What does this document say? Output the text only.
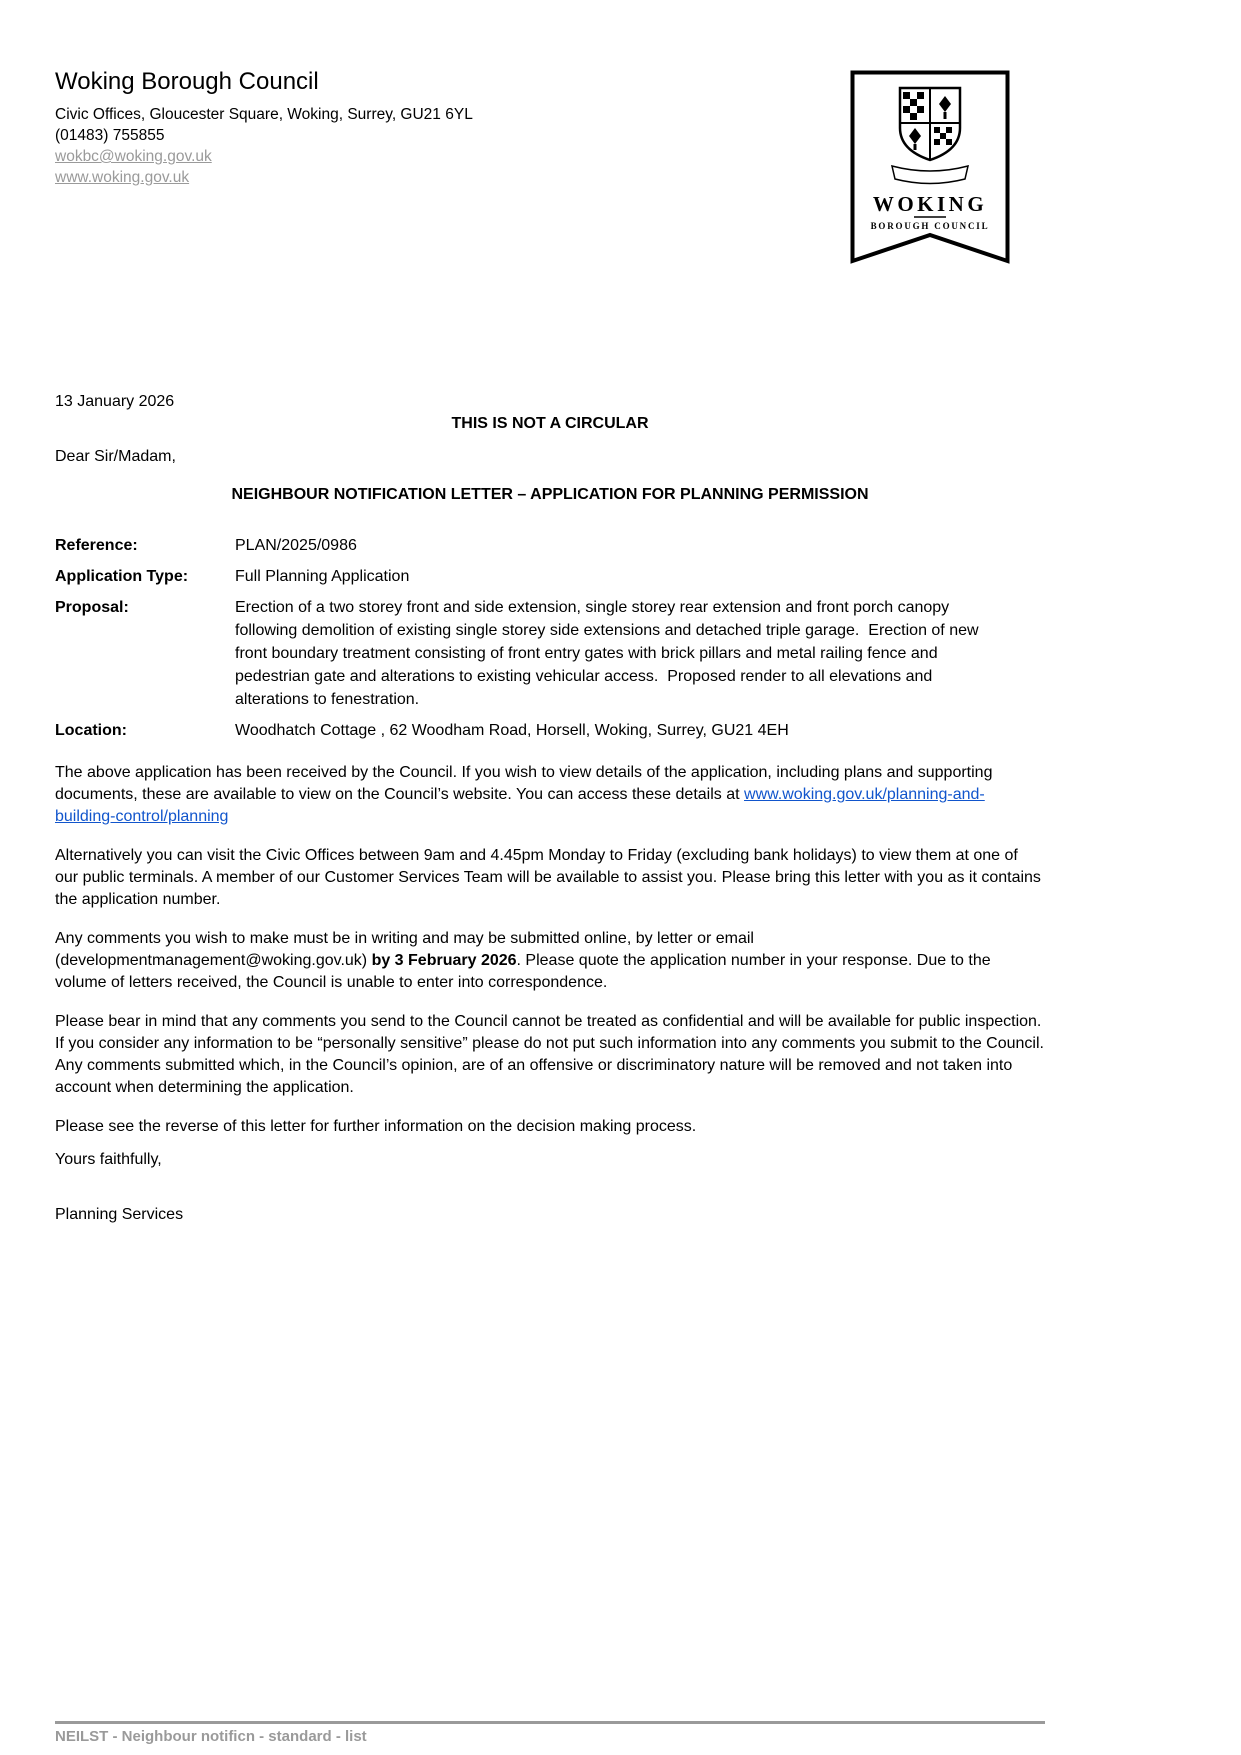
Woking Borough Council
Civic Offices, Gloucester Square, Woking, Surrey, GU21 6YL
(01483) 755855
wokbc@woking.gov.uk
www.woking.gov.uk
13 January 2026
THIS IS NOT A CIRCULAR
Dear Sir/Madam,
NEIGHBOUR NOTIFICATION LETTER – APPLICATION FOR PLANNING PERMISSION
Reference:	PLAN/2025/0986
Application Type:	Full Planning Application
Proposal:	Erection of a two storey front and side extension, single storey rear extension and front porch canopy following demolition of existing single storey side extensions and detached triple garage.  Erection of new front boundary treatment consisting of front entry gates with brick pillars and metal railing fence and pedestrian gate and alterations to existing vehicular access.  Proposed render to all elevations and alterations to fenestration.
Location:	Woodhatch Cottage , 62 Woodham Road, Horsell, Woking, Surrey, GU21 4EH

The above application has been received by the Council. If you wish to view details of the application, including plans and supporting documents, these are available to view on the Council’s website. You can access these details at www.woking.gov.uk/planning-and-building-control/planning

Alternatively you can visit the Civic Offices between 9am and 4.45pm Monday to Friday (excluding bank holidays) to view them at one of our public terminals. A member of our Customer Services Team will be available to assist you. Please bring this letter with you as it contains the application number.

Any comments you wish to make must be in writing and may be submitted online, by letter or email (developmentmanagement@woking.gov.uk) by 3 February 2026. Please quote the application number in your response. Due to the volume of letters received, the Council is unable to enter into correspondence.

Please bear in mind that any comments you send to the Council cannot be treated as confidential and will be available for public inspection. If you consider any information to be “personally sensitive” please do not put such information into any comments you submit to the Council. Any comments submitted which, in the Council’s opinion, are of an offensive or discriminatory nature will be removed and not taken into account when determining the application.

Please see the reverse of this letter for further information on the decision making process.

Yours faithfully,
Planning Services
WOKING
BOROUGH COUNCIL
NEILST - Neighbour notificn - standard - list
